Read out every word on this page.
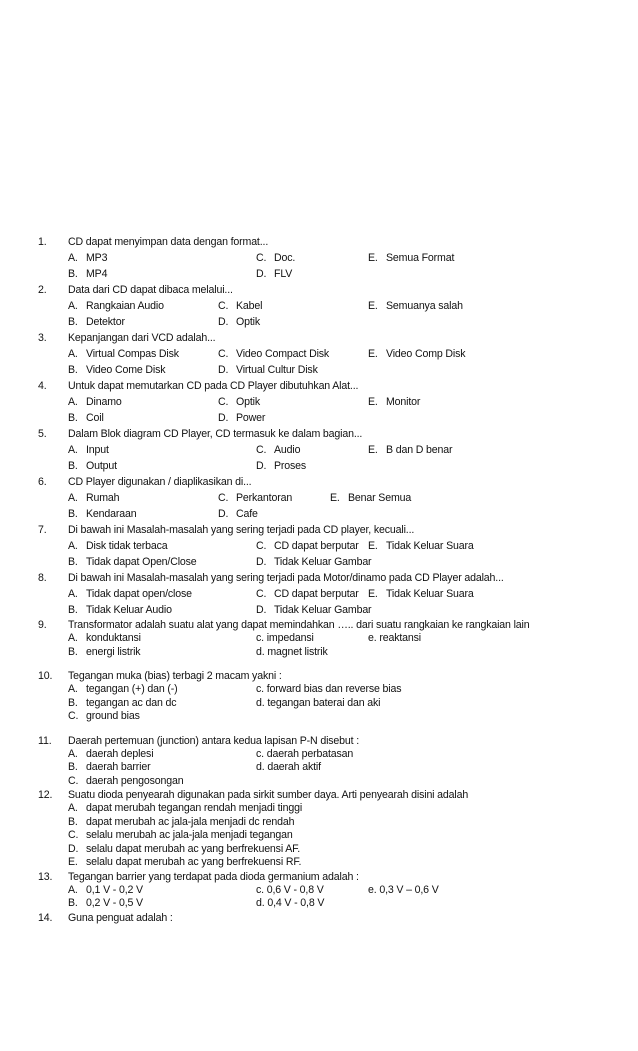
1. CD dapat menyimpan data dengan format...
A. MP3	C. Doc.	E. Semua Format
B. MP4	D. FLV
2. Data dari CD dapat dibaca melalui...
A. Rangkaian Audio	C. Kabel	E. Semuanya salah
B. Detektor	D. Optik
3. Kepanjangan dari VCD adalah...
A. Virtual Compas Disk	C. Video Compact Disk	E. Video Comp Disk
B. Video Come Disk	D. Virtual Cultur Disk
4. Untuk dapat memutarkan CD pada CD Player dibutuhkan Alat...
A. Dinamo	C. Optik	E. Monitor
B. Coil	D. Power
5. Dalam Blok diagram CD Player, CD termasuk ke dalam bagian...
A. Input	C. Audio	E. B dan D benar
B. Output	D. Proses
6. CD Player digunakan / diaplikasikan di...
A. Rumah	C. Perkantoran	E. Benar Semua
B. Kendaraan	D. Cafe
7. Di bawah ini Masalah-masalah yang sering terjadi pada CD player, kecuali...
A. Disk tidak terbaca	C. CD dapat berputar E. Tidak Keluar Suara
B. Tidak dapat Open/Close	D. Tidak Keluar Gambar
8. Di bawah ini Masalah-masalah yang sering terjadi pada Motor/dinamo pada CD Player adalah...
A. Tidak dapat open/close	C. CD dapat berputar E. Tidak Keluar Suara
B. Tidak Keluar Audio	D. Tidak Keluar Gambar
9. Transformator adalah suatu alat yang dapat memindahkan ….. dari suatu rangkaian ke rangkaian lain
A. konduktansi	c. impedansi	e. reaktansi
B. energi listrik	d. magnet listrik
10. Tegangan muka (bias) terbagi 2 macam yakni :
A. tegangan (+) dan (-)	c. forward bias dan reverse bias
B. tegangan ac dan dc	d. tegangan baterai dan aki
C. ground bias
11. Daerah pertemuan (junction) antara kedua lapisan P-N disebut :
A. daerah deplesi	c. daerah perbatasan
B. daerah barrier	d. daerah aktif
C. daerah pengosongan
12. Suatu dioda penyearah digunakan pada sirkit sumber daya. Arti penyearah disini adalah
A. dapat merubah tegangan rendah menjadi tinggi
B. dapat merubah ac jala-jala menjadi dc rendah
C. selalu merubah ac jala-jala menjadi tegangan
D. selalu dapat merubah ac yang berfrekuensi AF.
E. selalu dapat merubah ac yang berfrekuensi RF.
13. Tegangan barrier yang terdapat pada dioda germanium adalah :
A. 0,1 V - 0,2 V	c. 0,6 V - 0,8 V	e. 0,3 V – 0,6 V
B. 0,2 V - 0,5 V	d. 0,4 V - 0,8 V
14. Guna penguat adalah :
